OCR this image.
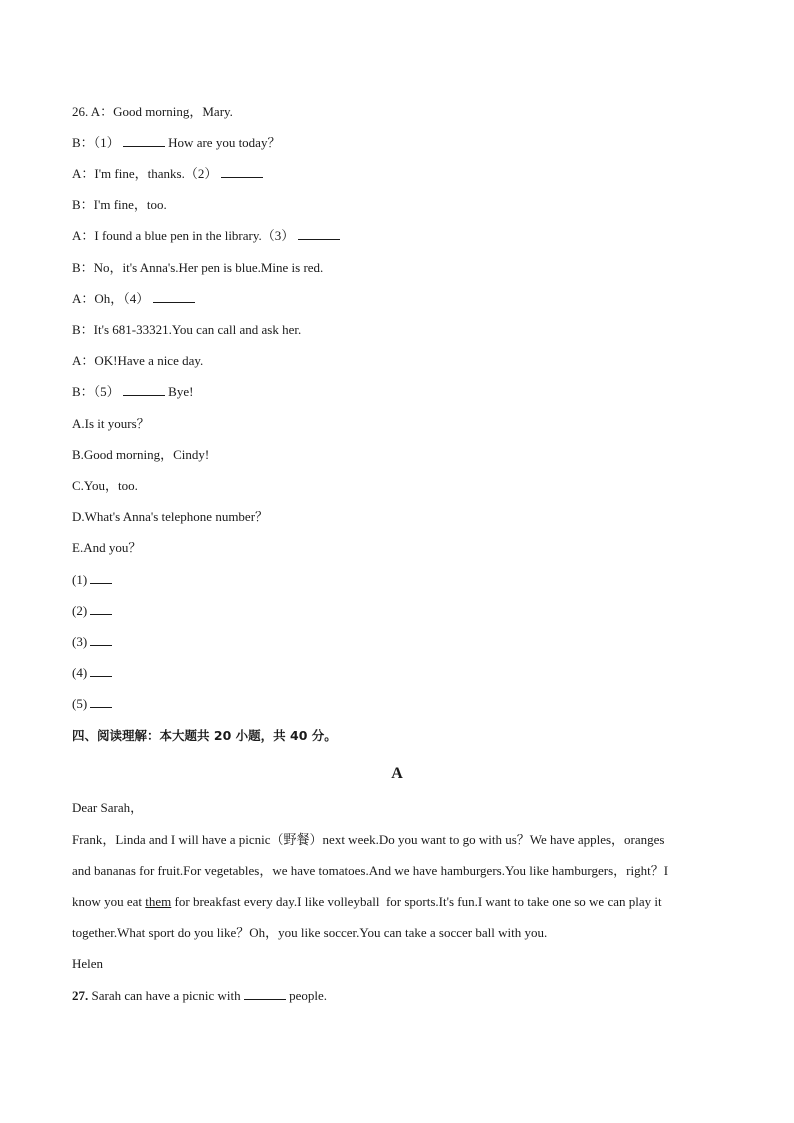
26. A：Good morning，Mary.
B：（1）	How are you today？
A：I'm fine，thanks.（2）
B：I'm fine，too.
A：I found a blue pen in the library.（3）
B：No，it's Anna's.Her pen is blue.Mine is red.
A：Oh，（4）
B：It's 681-33321.You can call and ask her.
A：OK!Have a nice day.
B：（5）	Bye!
A.Is it yours？
B.Good morning，Cindy!
C.You，too.
D.What's Anna's telephone number？
E.And you？
(1)
(2)
(3)
(4)
(5)
四、阅读理解：本大题共 20 小题，共 40 分。
A
Dear Sarah，
Frank，Linda and I will have a picnic（野餐）next week.Do you want to go with us？We have apples，oranges
and bananas for fruit.For vegetables，we have tomatoes.And we have hamburgers.You like hamburgers，right？I
know you eat them for breakfast every day.I like volleyball  for sports.It's fun.I want to take one so we can play it
together.What sport do you like？Oh，you like soccer.You can take a soccer ball with you.
Helen
27. Sarah can have a picnic with	people.
